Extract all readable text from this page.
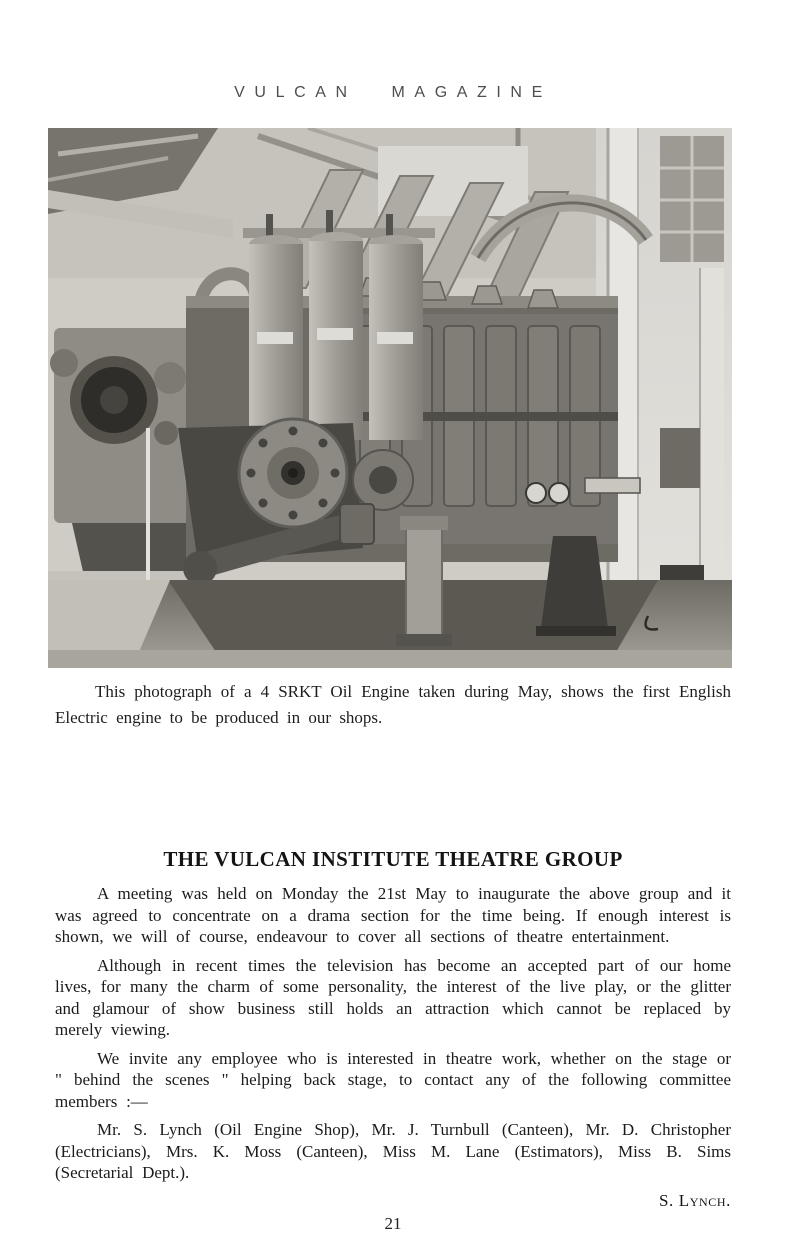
VULCAN MAGAZINE
This photograph of a 4 SRKT Oil Engine taken during May, shows the first English Electric engine to be produced in our shops.
THE VULCAN INSTITUTE THEATRE GROUP

A meeting was held on Monday the 21st May to inaugurate the above group and it was agreed to concentrate on a drama section for the time being. If enough interest is shown, we will of course, endeavour to cover all sections of theatre entertainment.

Although in recent times the television has become an accepted part of our home lives, for many the charm of some personality, the interest of the live play, or the glitter and glamour of show business still holds an attraction which cannot be replaced by merely viewing.

We invite any employee who is interested in theatre work, whether on the stage or " behind the scenes " helping back stage, to contact any of the following committee members :—

Mr. S. Lynch (Oil Engine Shop), Mr. J. Turnbull (Canteen), Mr. D. Christopher (Electricians), Mrs. K. Moss (Canteen), Miss M. Lane (Estimators), Miss B. Sims (Secretarial Dept.).

S. Lynch.
21
